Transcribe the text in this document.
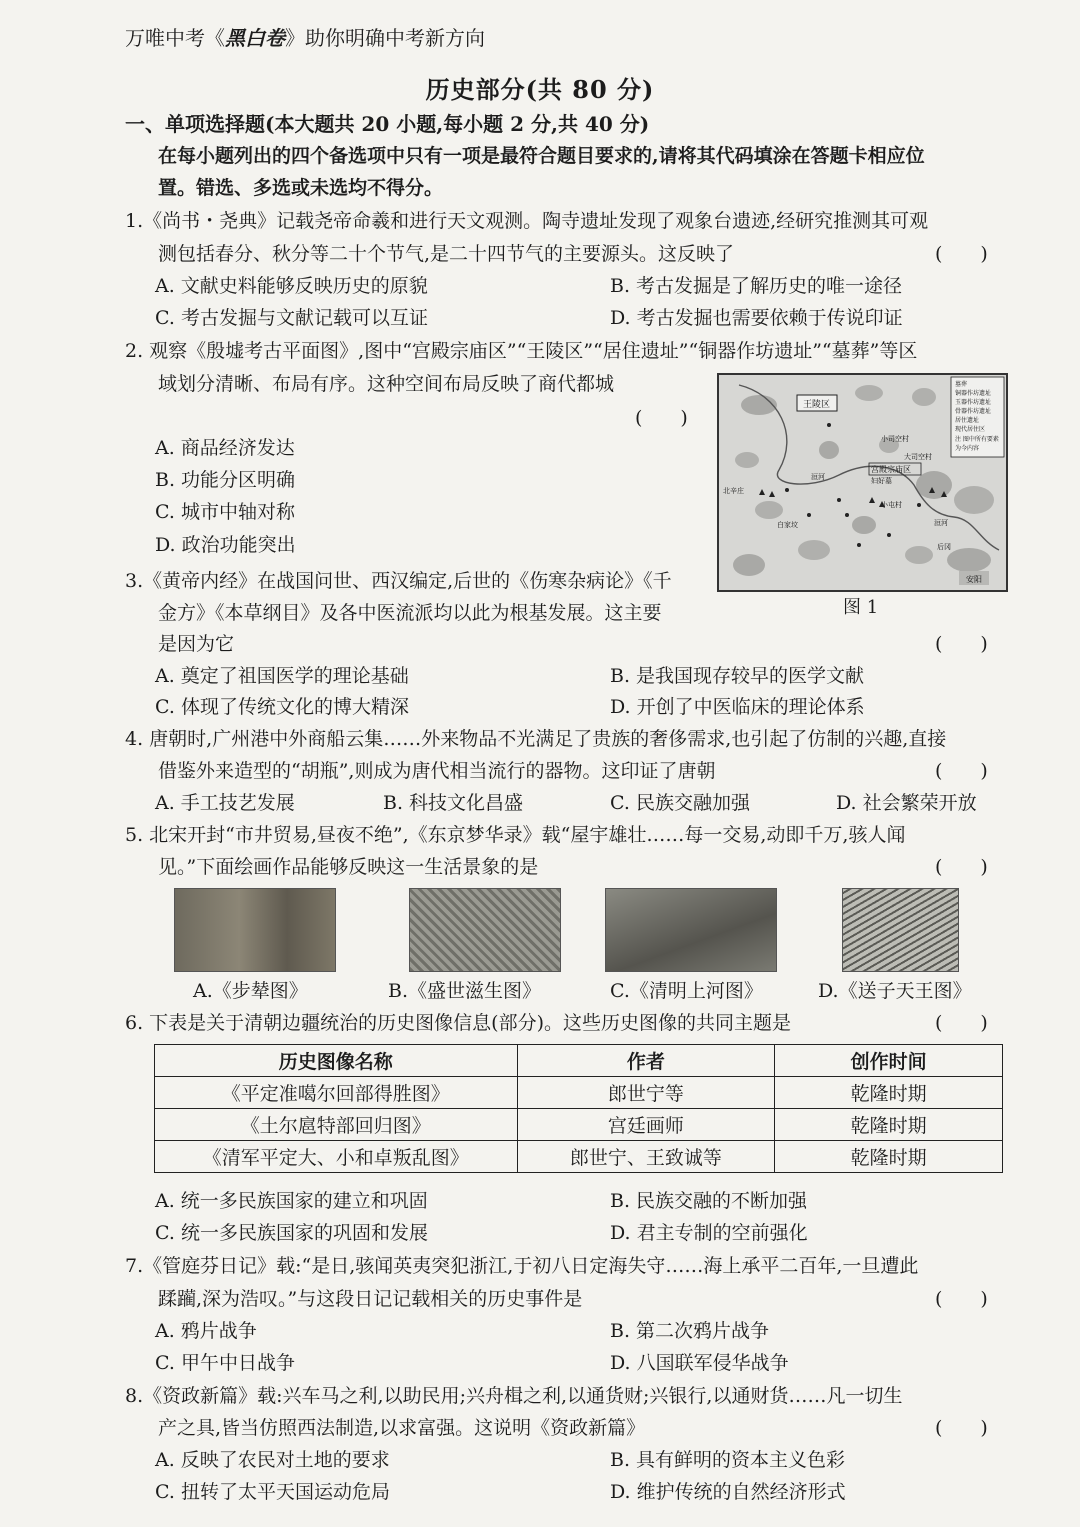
万唯中考《黑白卷》助你明确中考新方向
历史部分(共 80 分)
一、单项选择题(本大题共 20 小题,每小题 2 分,共 40 分)
在每小题列出的四个备选项中只有一项是最符合题目要求的,请将其代码填涂在答题卡相应位
置。错选、多选或未选均不得分。
1.《尚书・尧典》记载尧帝命羲和进行天文观测。陶寺遗址发现了观象台遗迹,经研究推测其可观
测包括春分、秋分等二十个节气,是二十四节气的主要源头。这反映了	(　　)
A. 文献史料能够反映历史的原貌	B. 考古发掘是了解历史的唯一途径
C. 考古发掘与文献记载可以互证	D. 考古发掘也需要依赖于传说印证
2. 观察《殷墟考古平面图》,图中“宫殿宗庙区”“王陵区”“居住遗址”“铜器作坊遗址”“墓葬”等区
域划分清晰、布局有序。这种空间布局反映了商代都城
(　　)
A. 商品经济发达
B. 功能分区明确
C. 城市中轴对称
D. 政治功能突出
王陵区
宫殿宗庙区
妇好墓
小司空村
大司空村
小屯村
北辛庄
白家坟
后冈
洹河
洹河
安阳
墓葬
铜器作坊遗址
玉器作坊遗址
骨器作坊遗址
居住遗址
现代居住区
注 图中所有要素
为今内容
图 1
3.《黄帝内经》在战国问世、西汉编定,后世的《伤寒杂病论》《千
金方》《本草纲目》及各中医流派均以此为根基发展。这主要
是因为它	(　　)
A. 奠定了祖国医学的理论基础	B. 是我国现存较早的医学文献
C. 体现了传统文化的博大精深	D. 开创了中医临床的理论体系
4. 唐朝时,广州港中外商船云集……外来物品不光满足了贵族的奢侈需求,也引起了仿制的兴趣,直接
借鉴外来造型的“胡瓶”,则成为唐代相当流行的器物。这印证了唐朝	(　　)
A. 手工技艺发展	B. 科技文化昌盛	C. 民族交融加强	D. 社会繁荣开放
5. 北宋开封“市井贸易,昼夜不绝”,《东京梦华录》载“屋宇雄壮……每一交易,动即千万,骇人闻
见。”下面绘画作品能够反映这一生活景象的是	(　　)
A.《步辇图》	B.《盛世滋生图》	C.《清明上河图》	D.《送子天王图》
6. 下表是关于清朝边疆统治的历史图像信息(部分)。这些历史图像的共同主题是	(　　)
历史图像名称	作者	创作时间
《平定准噶尔回部得胜图》	郎世宁等	乾隆时期
《土尔扈特部回归图》	宫廷画师	乾隆时期
《清军平定大、小和卓叛乱图》	郎世宁、王致诚等	乾隆时期
A. 统一多民族国家的建立和巩固	B. 民族交融的不断加强
C. 统一多民族国家的巩固和发展	D. 君主专制的空前强化
7.《管庭芬日记》载:“是日,骇闻英夷突犯浙江,于初八日定海失守……海上承平二百年,一旦遭此
蹂躏,深为浩叹。”与这段日记记载相关的历史事件是	(　　)
A. 鸦片战争	B. 第二次鸦片战争
C. 甲午中日战争	D. 八国联军侵华战争
8.《资政新篇》载:兴车马之利,以助民用;兴舟楫之利,以通货财;兴银行,以通财货……凡一切生
产之具,皆当仿照西法制造,以求富强。这说明《资政新篇》	(　　)
A. 反映了农民对土地的要求	B. 具有鲜明的资本主义色彩
C. 扭转了太平天国运动危局	D. 维护传统的自然经济形式
